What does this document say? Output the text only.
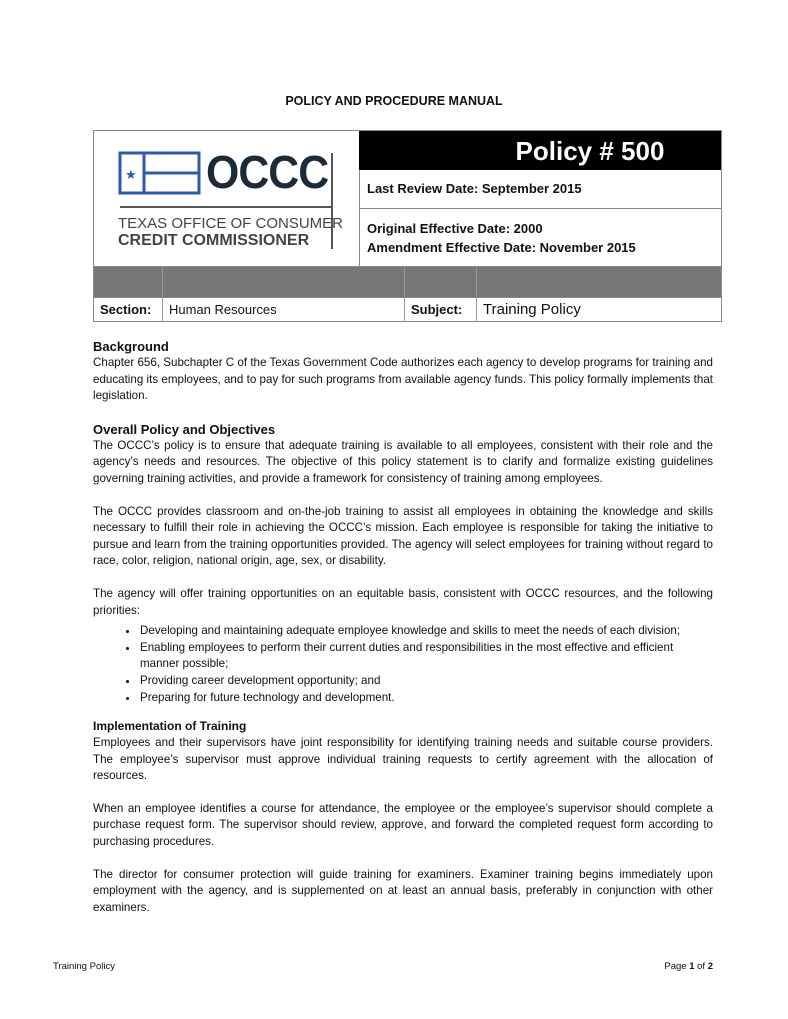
POLICY AND PROCEDURE MANUAL
★ OCCC
TEXAS OFFICE OF CONSUMER
CREDIT COMMISSIONER
Policy # 500
Last Review Date: September 2015
Original Effective Date: 2000
Amendment Effective Date: November 2015
Section:	Human Resources	Subject:	Training Policy
Background

Chapter 656, Subchapter C of the Texas Government Code authorizes each agency to develop programs for training and educating its employees, and to pay for such programs from available agency funds. This policy formally implements that legislation.

Overall Policy and Objectives

The OCCC’s policy is to ensure that adequate training is available to all employees, consistent with their role and the agency’s needs and resources. The objective of this policy statement is to clarify and formalize existing guidelines governing training activities, and provide a framework for consistency of training among employees.

The OCCC provides classroom and on-the-job training to assist all employees in obtaining the knowledge and skills necessary to fulfill their role in achieving the OCCC’s mission. Each employee is responsible for taking the initiative to pursue and learn from the training opportunities provided. The agency will select employees for training without regard to race, color, religion, national origin, age, sex, or disability.

The agency will offer training opportunities on an equitable basis, consistent with OCCC resources, and the following priorities:

• Developing and maintaining adequate employee knowledge and skills to meet the needs of each division;
• Enabling employees to perform their current duties and responsibilities in the most effective and efficient manner possible;
• Providing career development opportunity; and
• Preparing for future technology and development.
Implementation of Training

Employees and their supervisors have joint responsibility for identifying training needs and suitable course providers. The employee’s supervisor must approve individual training requests to certify agreement with the allocation of resources.

When an employee identifies a course for attendance, the employee or the employee’s supervisor should complete a purchase request form. The supervisor should review, approve, and forward the completed request form according to purchasing procedures.

The director for consumer protection will guide training for examiners. Examiner training begins immediately upon employment with the agency, and is supplemented on at least an annual basis, preferably in conjunction with other examiners.

Training Policy	Page 1 of 2
